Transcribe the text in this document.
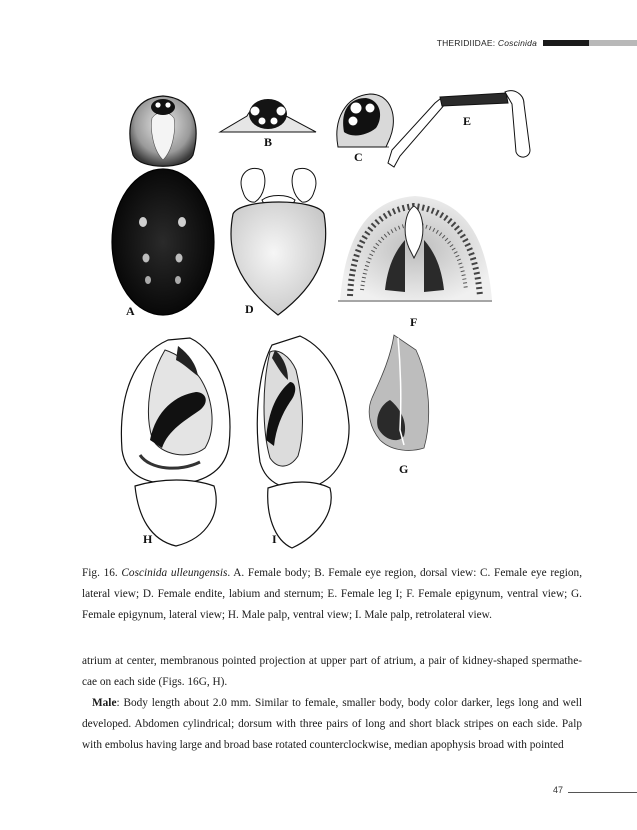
THERIDIIDAE: Coscinida
A
B
C
D
E
F
G
H	I
Fig. 16. Coscinida ulleungensis. A. Female body; B. Female eye region, dorsal view: C. Female eye region, lateral view; D. Female endite, labium and sternum; E. Female leg I; F. Female epigynum, ventral view; G. Female epigynum, lateral view; H. Male palp, ventral view; I. Male palp, retrolateral view.

atrium at center, membranous pointed projection at upper part of atrium, a pair of kidney-shaped spermathecae on each side (Figs. 16G, H).

Male: Body length about 2.0 mm. Similar to female, smaller body, body color darker, legs long and well developed. Abdomen cylindrical; dorsum with three pairs of long and short black stripes on each side. Palp with embolus having large and broad base rotated counterclockwise, median apophysis broad with pointed

47
